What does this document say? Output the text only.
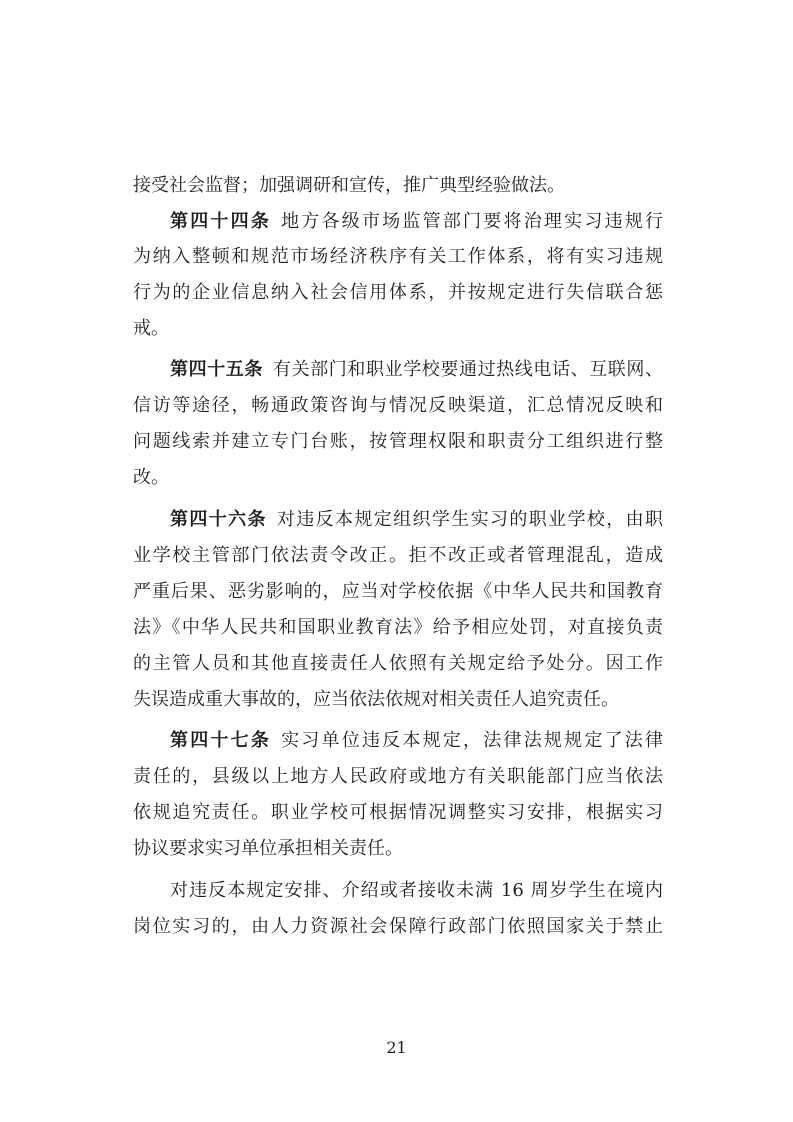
接受社会监督；加强调研和宣传，推广典型经验做法。
第四十四条 地方各级市场监管部门要将治理实习违规行
为纳入整顿和规范市场经济秩序有关工作体系，将有实习违规
行为的企业信息纳入社会信用体系，并按规定进行失信联合惩
戒。
第四十五条 有关部门和职业学校要通过热线电话、互联网、
信访等途径，畅通政策咨询与情况反映渠道，汇总情况反映和
问题线索并建立专门台账，按管理权限和职责分工组织进行整
改。
第四十六条 对违反本规定组织学生实习的职业学校，由职
业学校主管部门依法责令改正。拒不改正或者管理混乱，造成
严重后果、恶劣影响的，应当对学校依据《中华人民共和国教育
法》《中华人民共和国职业教育法》给予相应处罚，对直接负责
的主管人员和其他直接责任人依照有关规定给予处分。因工作
失误造成重大事故的，应当依法依规对相关责任人追究责任。
第四十七条 实习单位违反本规定，法律法规规定了法律
责任的，县级以上地方人民政府或地方有关职能部门应当依法
依规追究责任。职业学校可根据情况调整实习安排，根据实习
协议要求实习单位承担相关责任。
对违反本规定安排、介绍或者接收未满 16 周岁学生在境内
岗位实习的，由人力资源社会保障行政部门依照国家关于禁止
21
